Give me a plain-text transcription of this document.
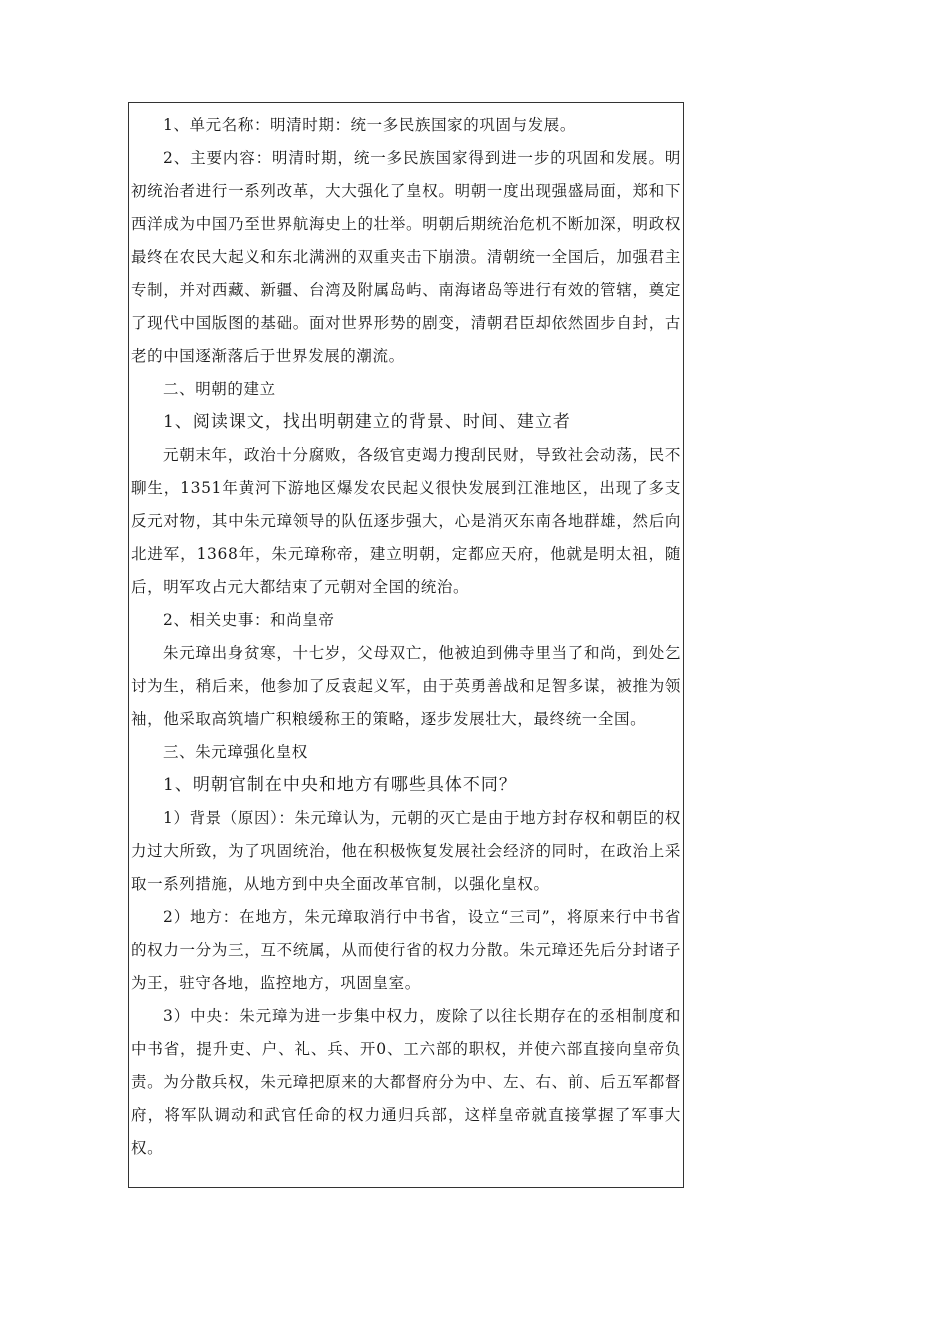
1、单元名称：明清时期：统一多民族国家的巩固与发展。

2、主要内容：明清时期，统一多民族国家得到进一步的巩固和发展。明初统治者进行一系列改革，大大强化了皇权。明朝一度出现强盛局面，郑和下西洋成为中国乃至世界航海史上的壮举。明朝后期统治危机不断加深，明政权最终在农民大起义和东北满洲的双重夹击下崩溃。清朝统一全国后，加强君主专制，并对西藏、新疆、台湾及附属岛屿、南海诸岛等进行有效的管辖，奠定了现代中国版图的基础。面对世界形势的剧变，清朝君臣却依然固步自封，古老的中国逐渐落后于世界发展的潮流。

二、明朝的建立

1、阅读课文，找出明朝建立的背景、时间、建立者

元朝末年，政治十分腐败，各级官吏竭力搜刮民财，导致社会动荡，民不聊生，1351年黄河下游地区爆发农民起义很快发展到江淮地区，出现了多支反元对物，其中朱元璋领导的队伍逐步强大，心是消灭东南各地群雄，然后向北进军，1368年，朱元璋称帝，建立明朝，定都应天府，他就是明太祖，随后，明军攻占元大都结束了元朝对全国的统治。

2、相关史事：和尚皇帝

朱元璋出身贫寒，十七岁，父母双亡，他被迫到佛寺里当了和尚，到处乞讨为生，稍后来，他参加了反袁起义军，由于英勇善战和足智多谋，被推为领袖，他采取高筑墙广积粮缓称王的策略，逐步发展壮大，最终统一全国。

三、朱元璋强化皇权

1、明朝官制在中央和地方有哪些具体不同？

1）背景（原因）：朱元璋认为，元朝的灭亡是由于地方封存权和朝臣的权力过大所致，为了巩固统治，他在积极恢复发展社会经济的同时，在政治上采取一系列措施，从地方到中央全面改革官制，以强化皇权。

2）地方：在地方，朱元璋取消行中书省，设立“三司”，将原来行中书省的权力一分为三，互不统属，从而使行省的权力分散。朱元璋还先后分封诸子为王，驻守各地，监控地方，巩固皇室。

3）中央：朱元璋为进一步集中权力，废除了以往长期存在的丞相制度和中书省，提升吏、户、礼、兵、开0、工六部的职权，并使六部直接向皇帝负责。为分散兵权，朱元璋把原来的大都督府分为中、左、右、前、后五军都督府，将军队调动和武官任命的权力通归兵部，这样皇帝就直接掌握了军事大权。
